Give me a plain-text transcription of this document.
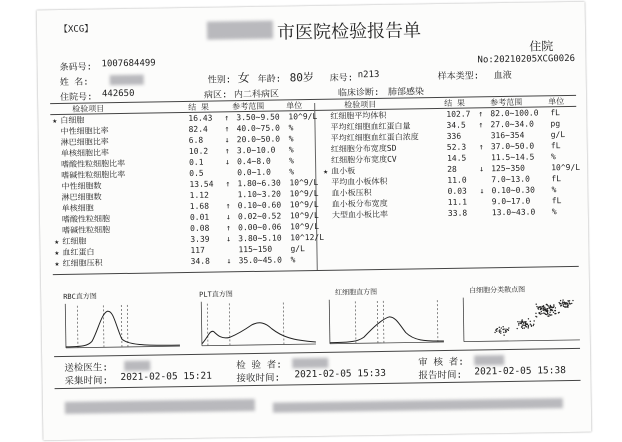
【XCG】	市医院检验报告单
住院
条码号: 1007684499	No:20210205XCG0026
姓 名:	性别: 女 年龄: 80岁 床号: n213	样本类型: 血液
住院号: 442650	病区: 内二科病区	临床诊断: 肺部感染
检验项目	结 果	参考范围	单位	检验项目	结 果	参考范围	单位
★ 白细胞	16.43 ↑ 3.50~9.50 10^9/L
中性细胞比率	82.4 ↑ 40.0~75.0 %
淋巴细胞比率	6.8	↓ 20.0~50.0 %
单核细胞比率	10.2 ↑ 3.0~10.0 %
嗜酸性粒细胞比率	0.1	↓ 0.4~8.0 %
嗜碱性粒细胞比率	0.5	0.0~1.0 %
中性细胞数	13.54 ↑ 1.80~6.30 10^9/L
淋巴细胞数	1.12	1.10~3.20 10^9/L
单核细胞	1.68 ↑ 0.10~0.60 10^9/L
嗜酸性粒细胞	0.01 ↓ 0.02~0.52 10^9/L
嗜碱性粒细胞	0.08 ↑ 0.00~0.06 10^9/L
★ 红细胞	3.39 ↓ 3.80~5.10 10^12/L
★ 血红蛋白	117	115~150 g/L
★ 红细胞压积	34.8 ↓ 35.0~45.0 %
红细胞平均体积	102.7 ↑ 82.0~100.0 fL
平均红细胞血红蛋白量	34.5 ↑ 27.0~34.0 pg
平均红细胞血红蛋白浓度	336	316~354	g/L
红细胞分布宽度SD	52.3 ↑ 37.0~50.0 fL
红细胞分布宽度CV	14.5	11.5~14.5 %
★ 血小板	28	↓ 125~350	10^9/L
平均血小板体积	11.0	7.0~13.0	fL
血小板压积	0.03 ↓ 0.10~0.30 %
血小板分布宽度	11.1	9.0~17.0	fL
大型血小板比率	33.8	13.0~43.0 %
RBC直方图	PLT直方图	红细胞直方图	白细胞分类散点图
送检医生:	检 验 者:	审 核 者:
采集时间: 2021-02-05 15:21	接收时间: 2021-02-05 15:33	报告时间: 2021-02-05 15:38
